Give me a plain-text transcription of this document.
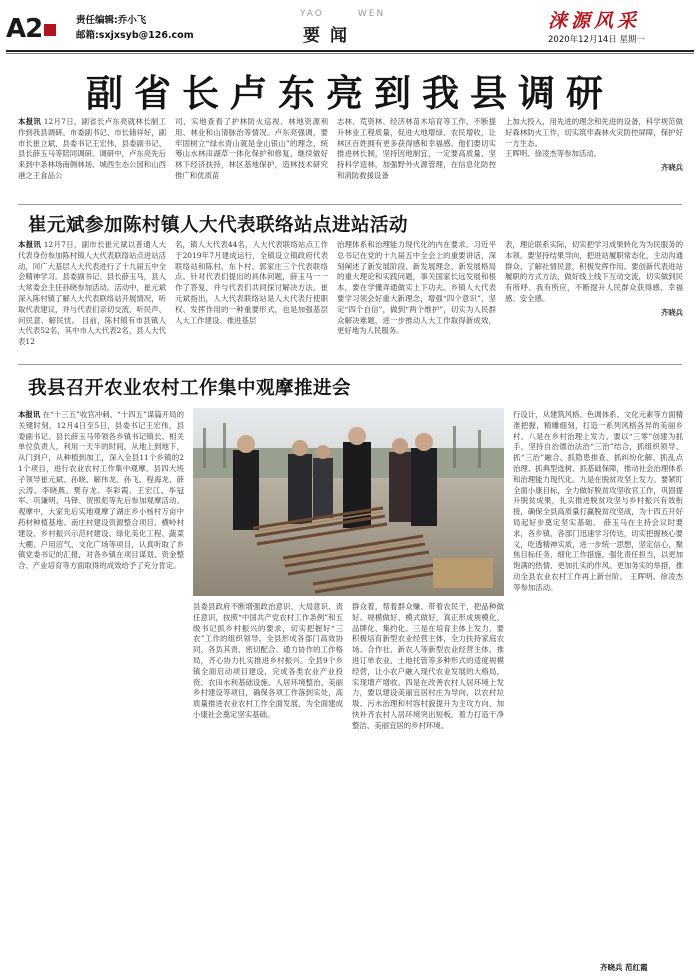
A2	责任编辑:乔小飞
邮箱:sxjxsyb@126.com
YAO	WEN
要闻
涞源风采
2020年12月14日 星期一
副省长卢东亮到我县调研
本报讯 12月7日，副省长卢东亮就林长制工作到我县调研。市委副书记、市长储祥好，副市长崔立斌，县委书记王宏伟，县委副书记、县长薛玉马等陪同调研。调研中，卢东亮先后来到中条林场南侧林场、城西生态公园和山西港之王食品公
司，实地查看了护林防火巡视、林地资源利用、林业和山清脉治等情况。卢东亮强调，要牢固树立“绿水青山就是金山银山”的理念，统筹山水林田湖草一体化保护和修复，继续做好林下经济扶持，林区基地保护，造林技术研究推广和优质苗
志林、荒资林、经济林苗木培育等工作，不断提升林业工程质量，促进大地增绿、农民增收，让林区百姓拥有更多获得感和幸福感。他们要切实推进林长制，坚持因地制宜，一定要高质量、坚持科学造林，加强野外火源管理，在信息化防控和消防救援设备
上加大投入，用先进的理念和先进的设备，科学规范做好森林防火工作，切实筑牢森林火灾防控屏障，保护好一方生态。
王晖明、徐凌杰等参加活动。
齐晓兵
崔元斌参加陈村镇人大代表联络站点进站活动
本报讯 12月7日，副市长崔元斌以普通人大代表身份参加陈村镇人大代表联络站点进站活动，同广大基层人大代表进行了十九届五中全会精神学习。县委副书记、县长薛玉马，县人大常委会主任孙晓参加活动。活动中，崔元斌深入陈村镇了解人大代表联络站开展情况，听取代表建议，并与代表们亲切交流，听民声、问民意、解民忧。 目前，陈村镇有市县镇人大代表52名，其中市人大代表2名，县人大代表12
名，镇人大代表44名，人大代表联络站点工作于2019年7月建成运行，全镇设立镇政府代表联络站和陈村、东卜村、郭家庄三个代表联络点。针对代表们提出的具体问题，薛玉马一一作了答复，并与代表们共同探讨解决方法。崔元斌指出，人大代表联络站是人大代表行使职权、发挥作用的一种重要形式，也是加强基层人大工作建设、推进基层
治理体系和治理能力现代化的内在要求。习近平总书记在党的十九届五中全会上的重要讲话，深刻阐述了新发展阶段、新发展理念、新发展格局的重大理论和实践问题，事关国家长远发展和根本，要在学懂弄通做实上下功夫。乡镇人大代表要学习领会好重大新理念，增强“四个意识”，坚定“四个自信”，做到“两个维护”，切实为人民群众解决难题，进一步推动人大工作取得新成效，更好地为人民服务。
表，理论联系实际，切实把学习成果转化为为民服务的本领。要坚持结果导向，把进站履职常态化，主动沟通群众、了解社情民意，积极发挥作用。要创新代表进站履职的方式方法，做好线上线下互动交流，切实做到民有所呼、我有所应，不断提升人民群众获得感、幸福感、安全感。
齐晓兵
我县召开农业农村工作集中观摩推进会
本报讯 在“十三五”收官冲刺、“十四五”谋篇开局的关键时刻，12月4日至5日，县委书记王宏伟，县委副书记、县长薛玉马带领各乡镇书记镇长、相关单位负责人，利用一天半的时间，从地上到地下，从门到户，从种植到加工，深入全县11个乡镇的21个项目，进行农业农村工作集中观摩。县四大班子领导崔元斌、孙晓、解伟龙、孙飞、程海龙、薛云涛、李晓燕、樊存龙、李彩霞、王宏江、毕冠军、巩谦明、马铎、贺照彪等先后参加观摩活动。观摩中，大家先后实地观摩了湖庄乡小杨村万亩中药材种植基地、南庄村建设资源整合项目、横岭村建设、乡村振兴示范村建设、绿化美化工程、蔬菜大棚、户用沼气、文化广场等项目，认真听取了乡镇党委书记的汇报，对各乡镇在项目谋划、资金整合、产业培育等方面取得的成效给予了充分肯定。
县委县政府不断增强政治意识、大局意识、责任意识，按照“中国共产党农村工作条例”和五级书记抓乡村振兴的要求，切实把握好“三农”工作的组织领导。全县形成各部门高效协同、各负其责、密切配合、通力协作的工作格局，齐心协力扎实推进乡村振兴。全县9个乡镇全面启动项目建设，完成各类农业产业投资、农田水利基础设施、人居环境整治、美丽乡村建设等项目，确保各项工作落到实处，高质量推进农业农村工作全面发展，为全面建成小康社会奠定坚实基础。
群众着，帮着群众赚、带着农民干，把品种做好、规模做好、模式做好，真正形成规模化、品牌化、集约化。三是在培育主体上发力，要积极培育新型农业经营主体，全力扶持家庭农场、合作社、新农人等新型农业经营主体，推进订单农业、土地托管等多种形式的适度规模经营，让小农户融入现代农业发展的大格局，实现增产增收。四是在改善农村人居环境上发力，要以建设美丽宜居村庄为导向，以农村垃圾、污水治理和村容村貌提升为主攻方向，加快补齐农村人居环境突出短板，着力打造干净整洁、美丽宜居的乡村环境。
行设计，从建筑风格、色调体系、文化元素等方面精准把握，精雕细刻，打造一系列风格各异的美丽乡村。八是在乡村治理上发力。要以“三零”创建为抓手，坚持自治德治法治“三治”结合，抓组织领导、抓“三治”融合、抓隐患排查、抓纠纷化解、抓乱点治理、抓典型选树、抓基础保障，推动社会治理体系和治理能力现代化。九是在脱贫攻坚上发力。要紧盯全面小康目标，全力做好脱贫攻坚收官工作，巩固提升脱贫成果，扎实推进脱贫攻坚与乡村振兴有效衔接，确保全县高质量打赢脱贫攻坚战，为十四五开好局起好步奠定坚实基础。 薛玉马在主持会议时要求，各乡镇、各部门迅速学习传达，切实把握核心要义，吃透精神实质，进一步统一思想，坚定信心，聚焦目标任务，细化工作措施，强化责任担当，以更加饱满的热情、更加扎实的作风、更加务实的举措，推动全县农业农村工作再上新台阶。 王晖明、徐凌杰等参加活动。
齐晓兵 范红霞
